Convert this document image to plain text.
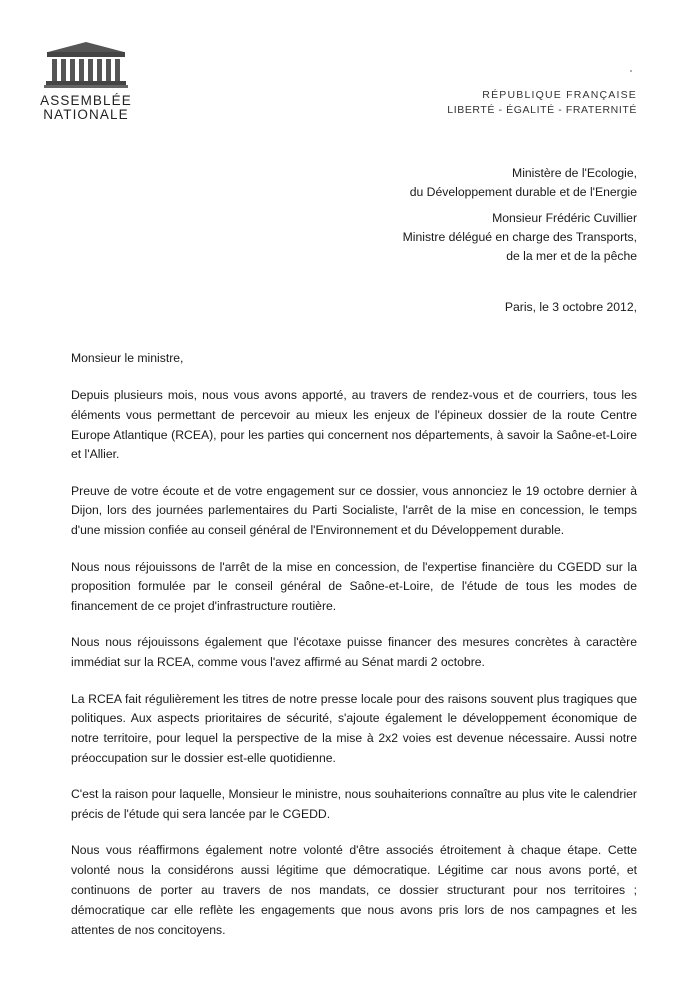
ASSEMBLÉE
NATIONALE
RÉPUBLIQUE FRANÇAISE
LIBERTÉ - ÉGALITÉ - FRATERNITÉ
Ministère de l'Ecologie,
du Développement durable et de l'Energie
Monsieur Frédéric Cuvillier
Ministre délégué en charge des Transports,
de la mer et de la pêche
Paris, le 3 octobre 2012,
Monsieur le ministre,

Depuis plusieurs mois, nous vous avons apporté, au travers de rendez-vous et de courriers, tous les éléments vous permettant de percevoir au mieux les enjeux de l'épineux dossier de la route Centre Europe Atlantique (RCEA), pour les parties qui concernent nos départements, à savoir la Saône-et-Loire et l'Allier.

Preuve de votre écoute et de votre engagement sur ce dossier, vous annonciez le 19 octobre dernier à Dijon, lors des journées parlementaires du Parti Socialiste, l'arrêt de la mise en concession, le temps d'une mission confiée au conseil général de l'Environnement et du Développement durable.

Nous nous réjouissons de l'arrêt de la mise en concession, de l'expertise financière du CGEDD sur la proposition formulée par le conseil général de Saône-et-Loire, de l'étude de tous les modes de financement de ce projet d'infrastructure routière.

Nous nous réjouissons également que l'écotaxe puisse financer des mesures concrètes à caractère immédiat sur la RCEA, comme vous l'avez affirmé au Sénat mardi 2 octobre.

La RCEA fait régulièrement les titres de notre presse locale pour des raisons souvent plus tragiques que politiques. Aux aspects prioritaires de sécurité, s'ajoute également le développement économique de notre territoire, pour lequel la perspective de la mise à 2x2 voies est devenue nécessaire. Aussi notre préoccupation sur le dossier est-elle quotidienne.

C'est la raison pour laquelle, Monsieur le ministre, nous souhaiterions connaître au plus vite le calendrier précis de l'étude qui sera lancée par le CGEDD.

Nous vous réaffirmons également notre volonté d'être associés étroitement à chaque étape. Cette volonté nous la considérons aussi légitime que démocratique. Légitime car nous avons porté, et continuons de porter au travers de nos mandats, ce dossier structurant pour nos territoires ; démocratique car elle reflète les engagements que nous avons pris lors de nos campagnes et les attentes de nos concitoyens.
